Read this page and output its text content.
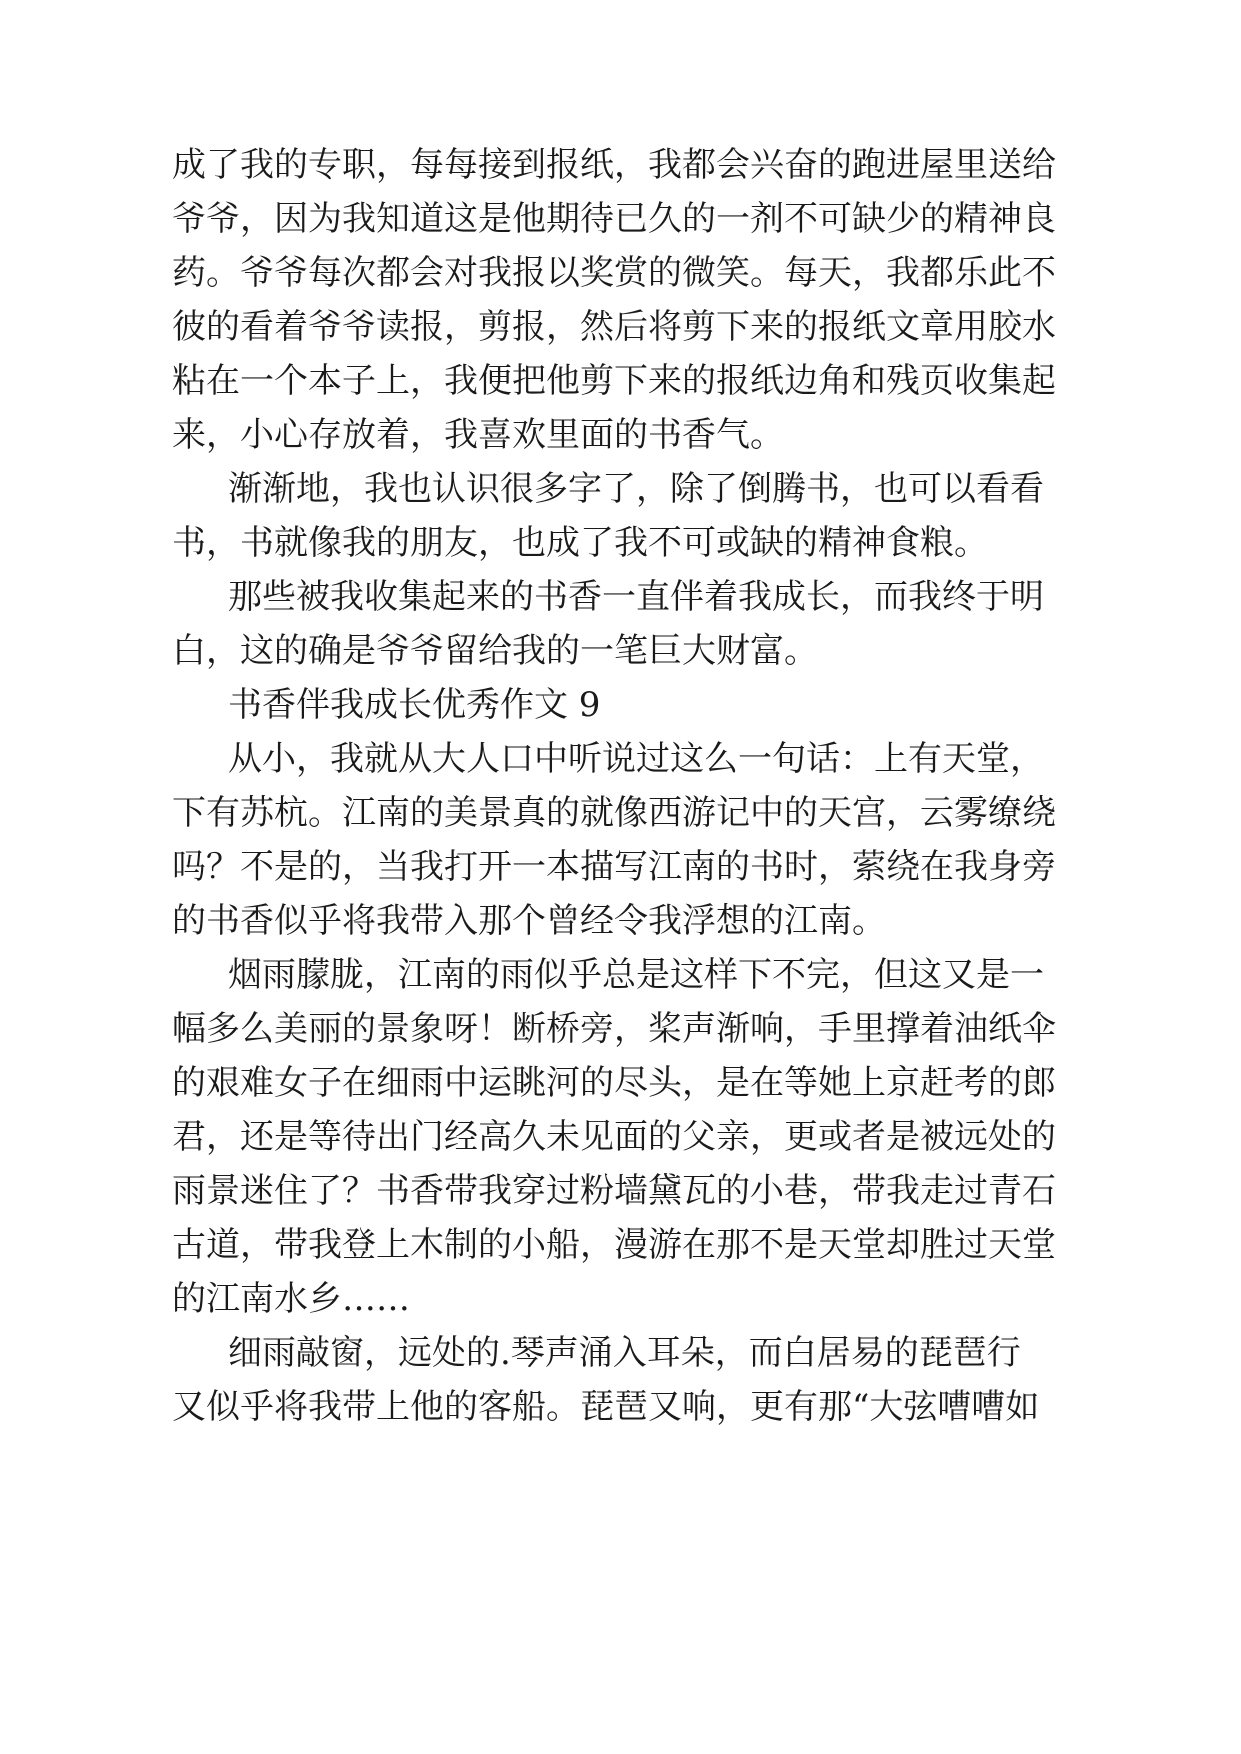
成了我的专职，每每接到报纸，我都会兴奋的跑进屋里送给
爷爷，因为我知道这是他期待已久的一剂不可缺少的精神良
药。爷爷每次都会对我报以奖赏的微笑。每天，我都乐此不
彼的看着爷爷读报，剪报，然后将剪下来的报纸文章用胶水
粘在一个本子上，我便把他剪下来的报纸边角和残页收集起
来，小心存放着，我喜欢里面的书香气。
渐渐地，我也认识很多字了，除了倒腾书，也可以看看
书，书就像我的朋友，也成了我不可或缺的精神食粮。
那些被我收集起来的书香一直伴着我成长，而我终于明
白，这的确是爷爷留给我的一笔巨大财富。
书香伴我成长优秀作文 9
从小，我就从大人口中听说过这么一句话：上有天堂，
下有苏杭。江南的美景真的就像西游记中的天宫，云雾缭绕
吗？不是的，当我打开一本描写江南的书时，萦绕在我身旁
的书香似乎将我带入那个曾经令我浮想的江南。
烟雨朦胧，江南的雨似乎总是这样下不完，但这又是一
幅多么美丽的景象呀！断桥旁，桨声渐响，手里撑着油纸伞
的艰难女子在细雨中运眺河的尽头，是在等她上京赶考的郎
君，还是等待出门经高久未见面的父亲，更或者是被远处的
雨景迷住了？书香带我穿过粉墙黛瓦的小巷，带我走过青石
古道，带我登上木制的小船，漫游在那不是天堂却胜过天堂
的江南水乡……
细雨敲窗，远处的.琴声涌入耳朵，而白居易的琵琶行
又似乎将我带上他的客船。琵琶又响，更有那“大弦嘈嘈如
